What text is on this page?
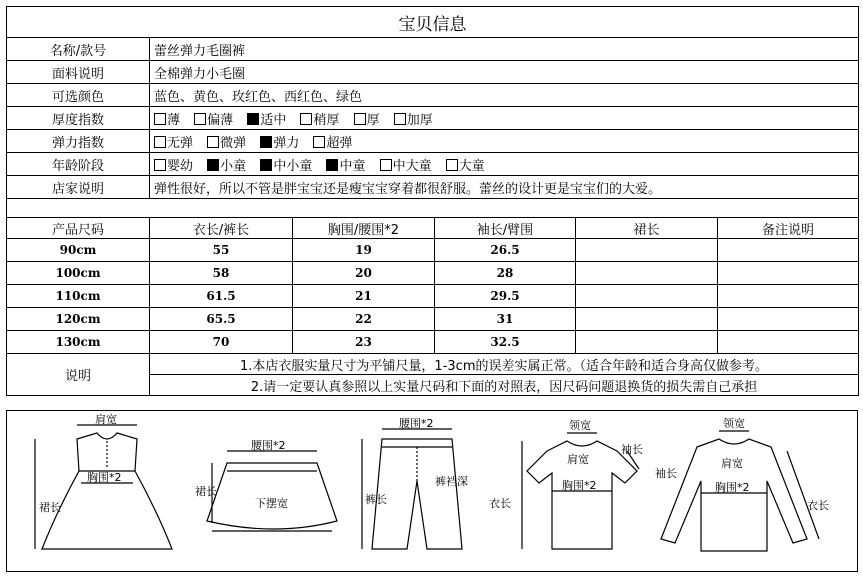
宝贝信息					
名称/款号	蕾丝弹力毛圈裤				
面料说明	全棉弹力小毛圈				
可选颜色	蓝色、黄色、玫红色、西红色、绿色				
厚度指数	薄 偏薄 适中 稍厚 厚 加厚				
弹力指数	无弹 微弹 弹力 超弹				
年龄阶段	婴幼 小童 中小童 中童 中大童 大童				
店家说明	弹性很好，所以不管是胖宝宝还是瘦宝宝穿着都很舒服。蕾丝的设计更是宝宝们的大爱。				

产品尺码	衣长/裤长	胸围/腰围*2	袖长/臂围	裙长	备注说明
90cm	55	19	26.5		
100cm	58	20	28		
110cm	61.5	21	29.5		
120cm	65.5	22	31		
130cm	70	23	32.5		
说明	1.本店衣服实量尺寸为平铺尺量，1-3cm的误差实属正常。（适合年龄和适合身高仅做参考。				
	2.请一定要认真参照以上实量尺码和下面的对照表，因尺码问题退换货的损失需自己承担				
肩宽
胸围*2
裙长
腰围*2
裙长
下摆宽
腰围*2
裤长
裤裆深
领宽
肩宽
袖长
胸围*2
衣长
领宽
肩宽
袖长
胸围*2
衣长
